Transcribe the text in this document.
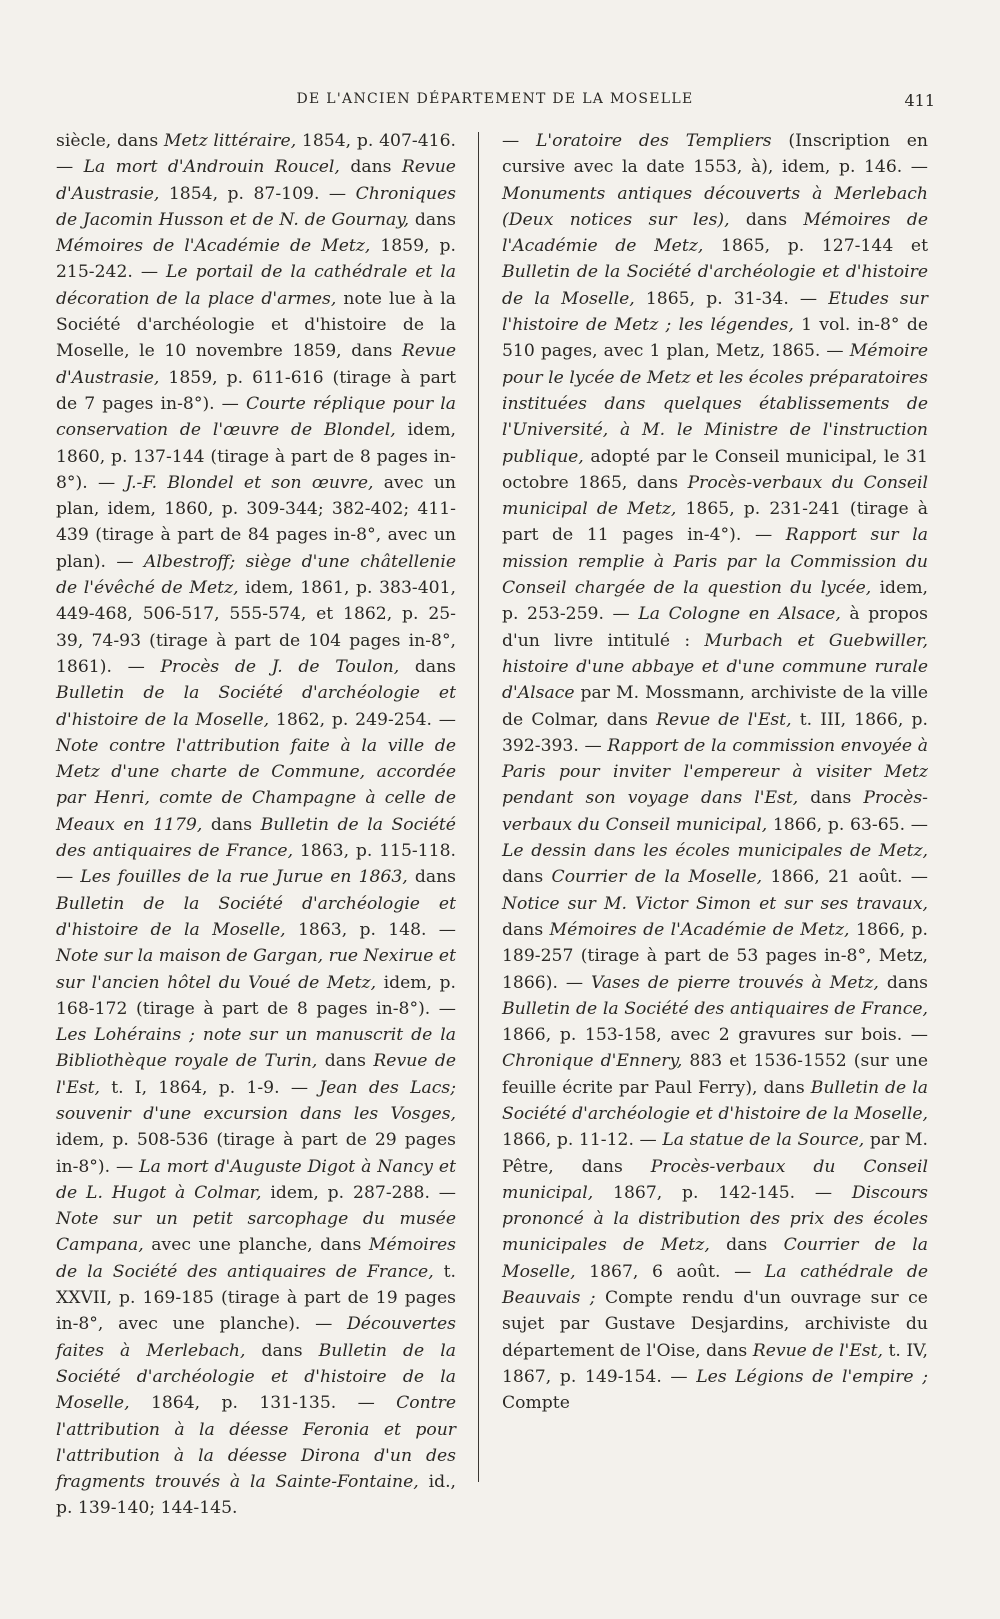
DE L'ANCIEN DÉPARTEMENT DE LA MOSELLE	411

siècle, dans Metz littéraire, 1854, p. 407-416. — La mort d'Androuin Roucel, dans Revue d'Austrasie, 1854, p. 87-109. — Chroniques de Jacomin Husson et de N. de Gournay, dans Mémoires de l'Académie de Metz, 1859, p. 215-242. — Le portail de la cathédrale et la décoration de la place d'armes, note lue à la Société d'archéologie et d'histoire de la Moselle, le 10 novembre 1859, dans Revue d'Austrasie, 1859, p. 611-616 (tirage à part de 7 pages in-8°). — Courte réplique pour la conservation de l'œuvre de Blondel, idem, 1860, p. 137-144 (tirage à part de 8 pages in-8°). — J.-F. Blondel et son œuvre, avec un plan, idem, 1860, p. 309-344; 382-402; 411-439 (tirage à part de 84 pages in-8°, avec un plan). — Albestroff; siège d'une châtellenie de l'évêché de Metz, idem, 1861, p. 383-401, 449-468, 506-517, 555-574, et 1862, p. 25-39, 74-93 (tirage à part de 104 pages in-8°, 1861). — Procès de J. de Toulon, dans Bulletin de la Société d'archéologie et d'histoire de la Moselle, 1862, p. 249-254. — Note contre l'attribution faite à la ville de Metz d'une charte de Commune, accordée par Henri, comte de Champagne à celle de Meaux en 1179, dans Bulletin de la Société des antiquaires de France, 1863, p. 115-118. — Les fouilles de la rue Jurue en 1863, dans Bulletin de la Société d'archéologie et d'histoire de la Moselle, 1863, p. 148. — Note sur la maison de Gargan, rue Nexirue et sur l'ancien hôtel du Voué de Metz, idem, p. 168-172 (tirage à part de 8 pages in-8°). — Les Lohérains ; note sur un manuscrit de la Bibliothèque royale de Turin, dans Revue de l'Est, t. I, 1864, p. 1-9. — Jean des Lacs; souvenir d'une excursion dans les Vosges, idem, p. 508-536 (tirage à part de 29 pages in-8°). — La mort d'Auguste Digot à Nancy et de L. Hugot à Colmar, idem, p. 287-288. — Note sur un petit sarcophage du musée Campana, avec une planche, dans Mémoires de la Société des antiquaires de France, t. XXVII, p. 169-185 (tirage à part de 19 pages in-8°, avec une planche). — Découvertes faites à Merlebach, dans Bulletin de la Société d'archéologie et d'histoire de la Moselle, 1864, p. 131-135. — Contre l'attribution à la déesse Feronia et pour l'attribution à la déesse Dirona d'un des fragments trouvés à la Sainte-Fontaine, id., p. 139-140; 144-145.

— L'oratoire des Templiers (Inscription en cursive avec la date 1553, à), idem, p. 146. — Monuments antiques découverts à Merlebach (Deux notices sur les), dans Mémoires de l'Académie de Metz, 1865, p. 127-144 et Bulletin de la Société d'archéologie et d'histoire de la Moselle, 1865, p. 31-34. — Etudes sur l'histoire de Metz ; les légendes, 1 vol. in-8° de 510 pages, avec 1 plan, Metz, 1865. — Mémoire pour le lycée de Metz et les écoles préparatoires instituées dans quelques établissements de l'Université, à M. le Ministre de l'instruction publique, adopté par le Conseil municipal, le 31 octobre 1865, dans Procès-verbaux du Conseil municipal de Metz, 1865, p. 231-241 (tirage à part de 11 pages in-4°). — Rapport sur la mission remplie à Paris par la Commission du Conseil chargée de la question du lycée, idem, p. 253-259. — La Cologne en Alsace, à propos d'un livre intitulé : Murbach et Guebwiller, histoire d'une abbaye et d'une commune rurale d'Alsace par M. Mossmann, archiviste de la ville de Colmar, dans Revue de l'Est, t. III, 1866, p. 392-393. — Rapport de la commission envoyée à Paris pour inviter l'empereur à visiter Metz pendant son voyage dans l'Est, dans Procès-verbaux du Conseil municipal, 1866, p. 63-65. — Le dessin dans les écoles municipales de Metz, dans Courrier de la Moselle, 1866, 21 août. — Notice sur M. Victor Simon et sur ses travaux, dans Mémoires de l'Académie de Metz, 1866, p. 189-257 (tirage à part de 53 pages in-8°, Metz, 1866). — Vases de pierre trouvés à Metz, dans Bulletin de la Société des antiquaires de France, 1866, p. 153-158, avec 2 gravures sur bois. — Chronique d'Ennery, 883 et 1536-1552 (sur une feuille écrite par Paul Ferry), dans Bulletin de la Société d'archéologie et d'histoire de la Moselle, 1866, p. 11-12. — La statue de la Source, par M. Pêtre, dans Procès-verbaux du Conseil municipal, 1867, p. 142-145. — Discours prononcé à la distribution des prix des écoles municipales de Metz, dans Courrier de la Moselle, 1867, 6 août. — La cathédrale de Beauvais ; Compte rendu d'un ouvrage sur ce sujet par Gustave Desjardins, archiviste du département de l'Oise, dans Revue de l'Est, t. IV, 1867, p. 149-154. — Les Légions de l'empire ; Compte
